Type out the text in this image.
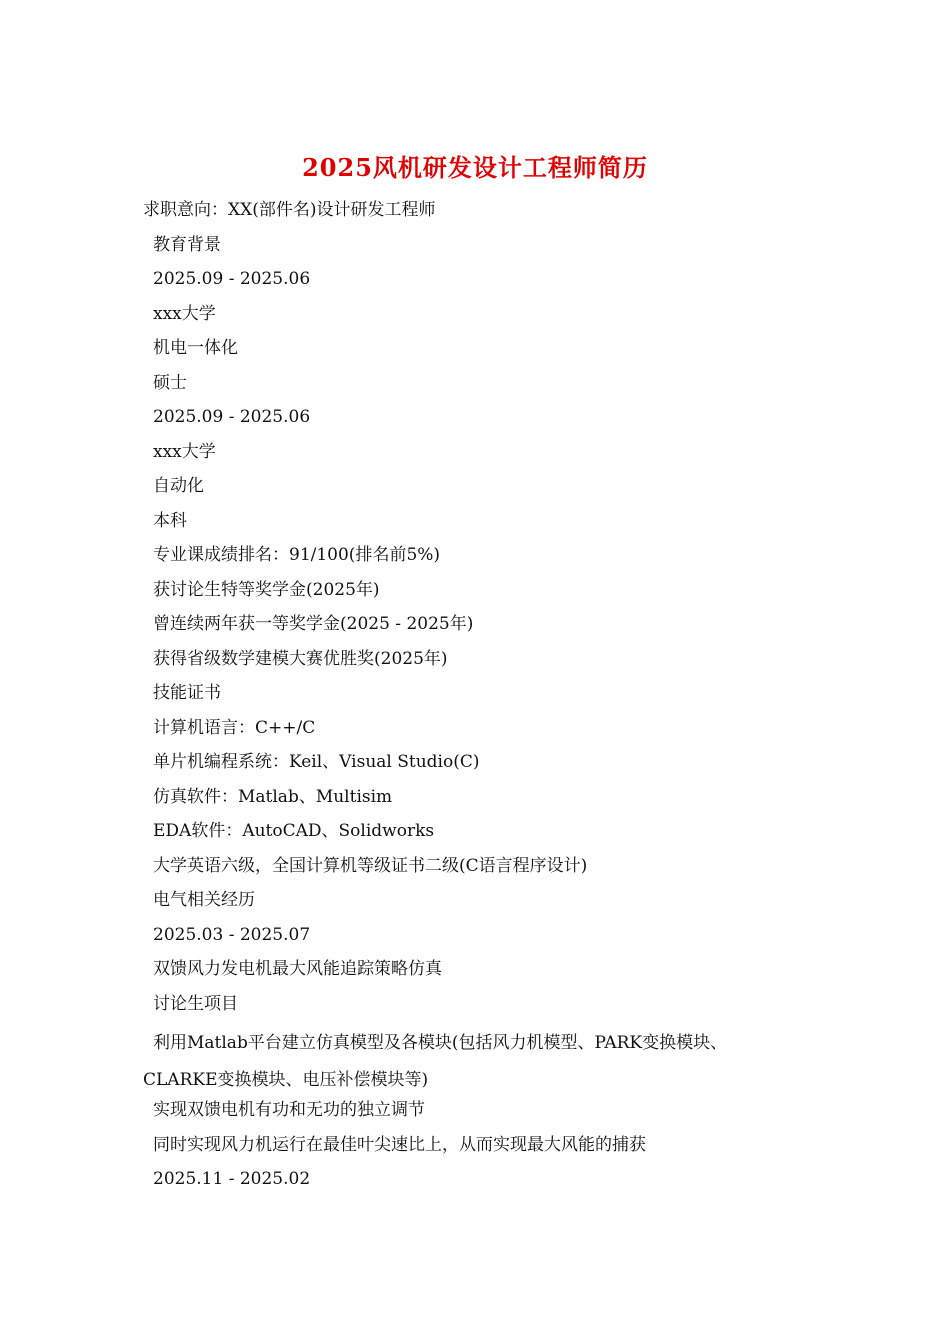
2025风机研发设计工程师简历
求职意向：XX(部件名)设计研发工程师
教育背景
2025.09 - 2025.06
xxx大学
机电一体化
硕士
2025.09 - 2025.06
xxx大学
自动化
本科
专业课成绩排名：91/100(排名前5%)
获讨论生特等奖学金(2025年)
曾连续两年获一等奖学金(2025 - 2025年)
获得省级数学建模大赛优胜奖(2025年)
技能证书
计算机语言：C++/C
单片机编程系统：Keil、Visual Studio(C)
仿真软件：Matlab、Multisim
EDA软件：AutoCAD、Solidworks
大学英语六级，全国计算机等级证书二级(C语言程序设计)
电气相关经历
2025.03 - 2025.07
双馈风力发电机最大风能追踪策略仿真
讨论生项目
利用Matlab平台建立仿真模型及各模块(包括风力机模型、PARK变换模块、CLARKE变换模块、电压补偿模块等)
实现双馈电机有功和无功的独立调节
同时实现风力机运行在最佳叶尖速比上，从而实现最大风能的捕获
2025.11 - 2025.02
